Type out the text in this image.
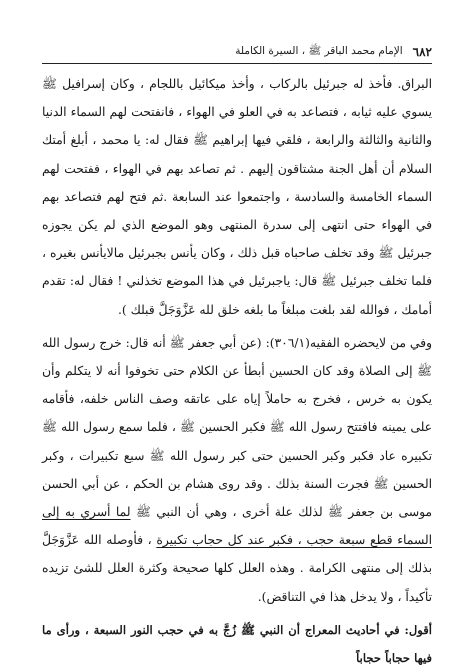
٦٨٢
الإمام محمد الباقر ﷺ ، السيرة الكاملة

البراق. فأخذ له جبرئيل بالركاب ، وأخذ ميكائيل باللجام ، وكان إسرافيل ﷺ يسوي عليه ثيابه ، فتصاعد به في العلو في الهواء ، فانفتحت لهم السماء الدنيا والثانية والثالثة والرابعة ، فلقي فيها إبراهيم ﷺ فقال له: يا محمد ، أبلغ أمتك السلام أن أهل الجنة مشتاقون إليهم . ثم تصاعد بهم في الهواء ، ففتحت لهم السماء الخامسة والسادسة ، واجتمعوا عند السابعة .ثم فتح لهم فتصاعد بهم في الهواء حتى انتهى إلى سدرة المنتهى وهو الموضع الذي لم يكن يجوزه جبرئيل ﷺ وقد تخلف صاحباه قبل ذلك ، وكان يأنس بجبرئيل مالايأنس بغيره ، فلما تخلف جبرئيل ﷺ قال: ياجبرئيل في هذا الموضع تخذلني ! فقال له: تقدم أمامك ، فوالله لقد بلغت مبلغاً ما بلغه خلق لله عَزَّوَجَلَّ قبلك ).

وفي من لايحضره الفقيه(٣٠٦/١): (عن أبي جعفر ﷺ أنه قال: خرج رسول الله ﷺ إلى الصلاة وقد كان الحسين أبطأ عن الكلام حتى تخوفوا أنه لا يتكلم وأن يكون به خرس ، فخرج به حاملاً إياه على عاتقه وصف الناس خلفه، فأقامه على يمينه فافتتح رسول الله ﷺ فكبر الحسين ﷺ ، فلما سمع رسول الله ﷺ تكبيره عاد فكبر وكبر الحسين حتى كبر رسول الله ﷺ سبع تكبيرات ، وكبر الحسين ﷺ فجرت السنة بذلك . وقد روى هشام بن الحكم ، عن أبي الحسن موسى بن جعفر ﷺ لذلك علة أخرى ، وهي أن النبي ﷺ لما أسري به إلى السماء قطع سبعة حجب ، فكبر عند كل حجاب تكبيرة ، فأوصله الله عَزَّوَجَلَّ بذلك إلى منتهى الكرامة . وهذه العلل كلها صحيحة وكثرة العلل للشئ تزيده تأكيداً ، ولا يدخل هذا في التناقض).

أقول: في أحاديث المعراج أن النبي ﷺ زُجَّ به في حجب النور السبعة ، ورأى ما فيها حجاباً حجاباً
